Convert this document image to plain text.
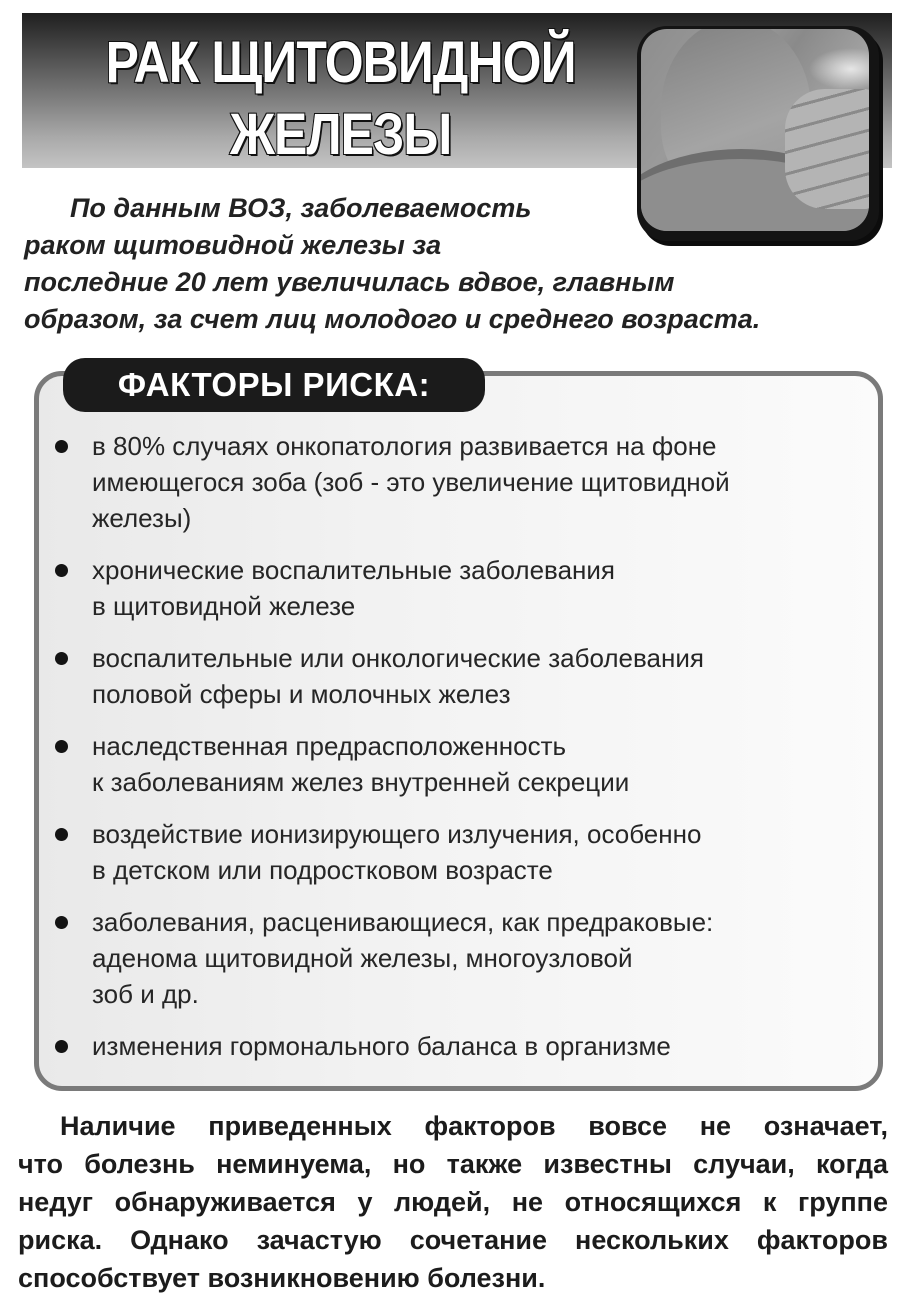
РАК ЩИТОВИДНОЙ
ЖЕЛЕЗЫ

По данным ВОЗ, заболеваемость
раком щитовидной железы за
последние 20 лет увеличилась вдвое, главным
образом, за счет лиц молодого и среднего возраста.

ФАКТОРЫ РИСКА:
в 80% случаях онкопатология развивается на фоне
имеющегося зоба (зоб - это увеличение щитовидной
железы)
хронические воспалительные заболевания
в щитовидной железе
воспалительные или онкологические заболевания
половой сферы и молочных желез
наследственная предрасположенность
к заболеваниям желез внутренней секреции
воздействие ионизирующего излучения, особенно
в детском или подростковом возрасте
заболевания, расценивающиеся, как предраковые:
аденома щитовидной железы, многоузловой
зоб и др.
изменения гормонального баланса в организме

Наличие приведенных факторов вовсе не означает,
что болезнь неминуема, но также известны случаи, когда
недуг обнаруживается у людей, не относящихся к группе
риска. Однако зачастую сочетание нескольких факторов
способствует возникновению болезни.
